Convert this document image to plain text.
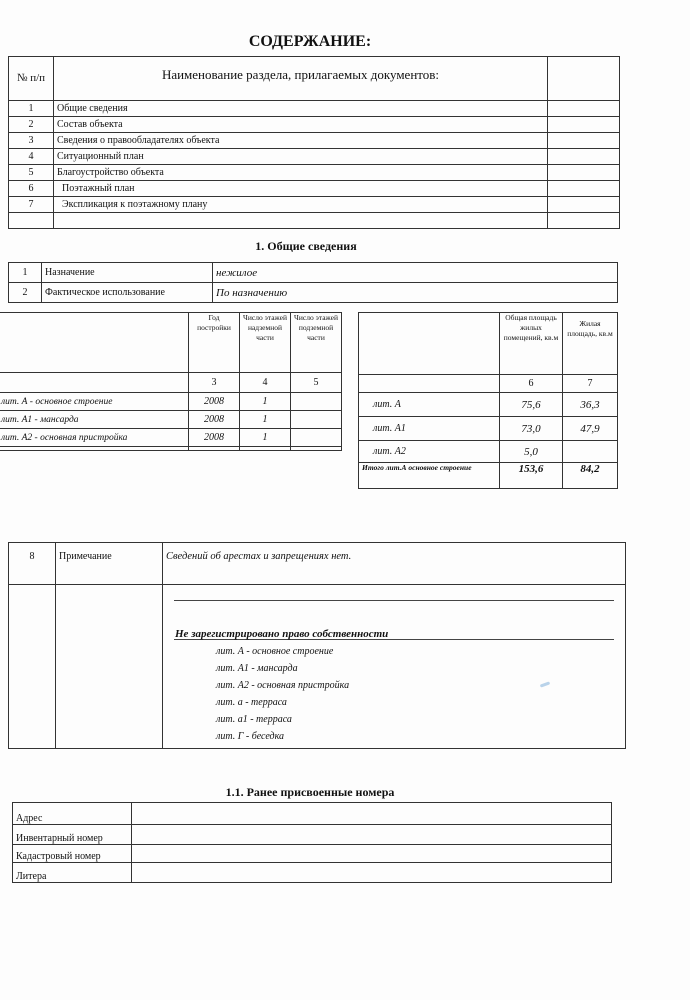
СОДЕРЖАНИЕ:
№ п/п	Наименование раздела, прилагаемых документов:	
1	Общие сведения	
2	Состав объекта	
3	Сведения о правообладателях объекта	
4	Ситуационный план	
5	Благоустройство объекта	
6	Поэтажный план	
7	Экспликация к поэтажному плану	

1. Общие сведения
1	Назначение	нежилое
2	Фактическое использование	По назначению
	Год постройки	Число этажей надземной части	Число этажей подземной части
	3	4	5
лит. А - основное строение	2008	1	
лит. А1 - мансарда	2008	1	
лит. А2 - основная пристройка	2008	1	

	Общая площадь жилых помещений, кв.м	Жилая площадь, кв.м
	6	7
лит. А	75,6	36,3
лит. А1	73,0	47,9
лит. А2	5,0	
Итого лит.А основное строение	153,6	84,2
8	Примечание	Сведений об арестах и запрещениях нет.

Не зарегистрировано право собственности
лит. А - основное строение
лит. А1 - мансарда
лит. А2 - основная пристройка
лит. а - терраса
лит. а1 - терраса
лит. Г - беседка
1.1. Ранее присвоенные номера
Адрес	
Инвентарный номер	
Кадастровый номер	
Литера	
